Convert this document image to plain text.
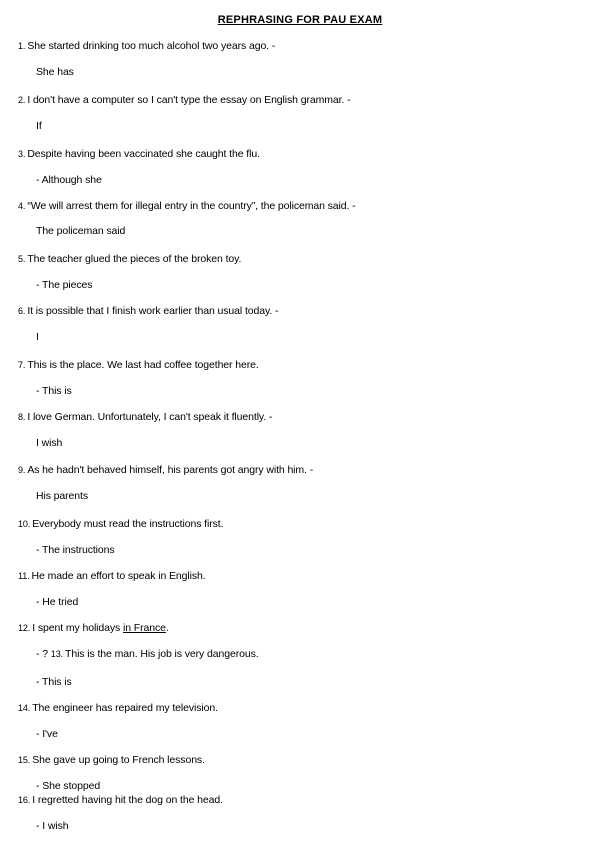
REPHRASING FOR PAU EXAM
1. She started drinking too much alcohol two years ago. -
She has
2. I don't have a computer so I can't type the essay on English grammar. -
If
3. Despite having been vaccinated she caught the flu.
- Although she
4. “We will arrest them for illegal entry in the country”, the policeman said. -
The policeman said
5. The teacher glued the pieces of the broken toy.
- The pieces
6. It is possible that I finish work earlier than usual today. -
I
7. This is the place. We last had coffee together here.
- This is
8. I love German. Unfortunately, I can't speak it fluently. -
I wish
9. As he hadn't behaved himself, his parents got angry with him. -
His parents
10. Everybody must read the instructions first.
- The instructions
11. He made an effort to speak in English.
- He tried
12. I spent my holidays in France.
- ? 13. This is the man. His job is very dangerous.
- This is
14. The engineer has repaired my television.
- I've
15. She gave up going to French lessons.
- She stopped
16. I regretted having hit the dog on the head.
- I wish
